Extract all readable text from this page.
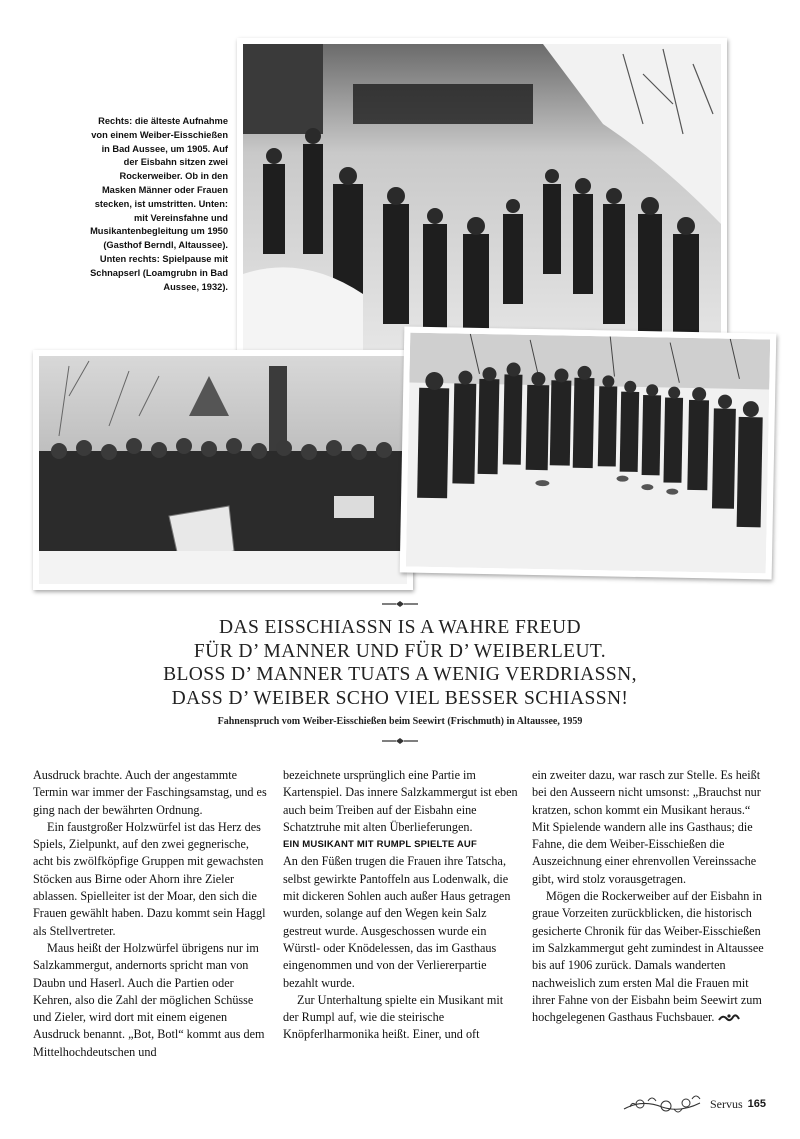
Rechts: die älteste Aufnahme von einem Weiber-Eisschießen in Bad Aussee, um 1905. Auf der Eisbahn sitzen zwei Rockerweiber. Ob in den Masken Männer oder Frauen stecken, ist umstritten. Unten: mit Vereinsfahne und Musikantenbegleitung um 1950 (Gasthof Berndl, Altaussee). Unten rechts: Spielpause mit Schnapserl (Loamgrubn in Bad Aussee, 1932).

DAS EISSCHIASSN IS A WAHRE FREUD

FÜR D’ MANNER UND FÜR D’ WEIBERLEUT.

BLOSS D’ MANNER TUATS A WENIG VERDRIASSN,

DASS D’ WEIBER SCHO VIEL BESSER SCHIASSN!

Fahnenspruch vom Weiber-Eisschießen beim Seewirt (Frischmuth) in Altaussee, 1959

Ausdruck brachte. Auch der angestammte Termin war immer der Faschingsamstag, und es ging nach der bewährten Ordnung.

Ein faustgroßer Holzwürfel ist das Herz des Spiels, Zielpunkt, auf den zwei gegnerische, acht bis zwölfköpfige Gruppen mit gewachsten Stöcken aus Birne oder Ahorn ihre Zieler ablassen. Spielleiter ist der Moar, den sich die Frauen gewählt haben. Dazu kommt sein Haggl als Stellvertreter.

Maus heißt der Holzwürfel übrigens nur im Salzkammergut, andernorts spricht man von Daubn und Haserl. Auch die Partien oder Kehren, also die Zahl der möglichen Schüsse und Zieler, wird dort mit einem eigenen Ausdruck benannt. „Bot, Botl“ kommt aus dem Mittelhochdeutschen und

bezeichnete ursprünglich eine Partie im Kartenspiel. Das innere Salzkammergut ist eben auch beim Treiben auf der Eisbahn eine Schatztruhe mit alten Überlieferungen.

EIN MUSIKANT MIT RUMPL SPIELTE AUF

An den Füßen trugen die Frauen ihre Tatscha, selbst gewirkte Pantoffeln aus Lodenwalk, die mit dickeren Sohlen auch außer Haus getragen wurden, solange auf den Wegen kein Salz gestreut wurde. Ausgeschossen wurde ein Würstl- oder Knödelessen, das im Gasthaus eingenommen und von der Verliererpartie bezahlt wurde.

Zur Unterhaltung spielte ein Musikant mit der Rumpl auf, wie die steirische Knöpferlharmonika heißt. Einer, und oft

ein zweiter dazu, war rasch zur Stelle. Es heißt bei den Ausseern nicht umsonst: „Brauchst nur kratzen, schon kommt ein Musikant heraus.“ Mit Spielende wandern alle ins Gasthaus; die Fahne, die dem Weiber-Eisschießen die Auszeichnung einer ehrenvollen Vereinssache gibt, wird stolz vorausgetragen.

Mögen die Rockerweiber auf der Eisbahn in graue Vorzeiten zurückblicken, die historisch gesicherte Chronik für das Weiber-Eisschießen im Salzkammergut geht zumindest in Altaussee bis auf 1906 zurück. Damals wanderten nachweislich zum ersten Mal die Frauen mit ihrer Fahne von der Eisbahn beim Seewirt zum hochgelegenen Gasthaus Fuchsbauer.

Servus 165
